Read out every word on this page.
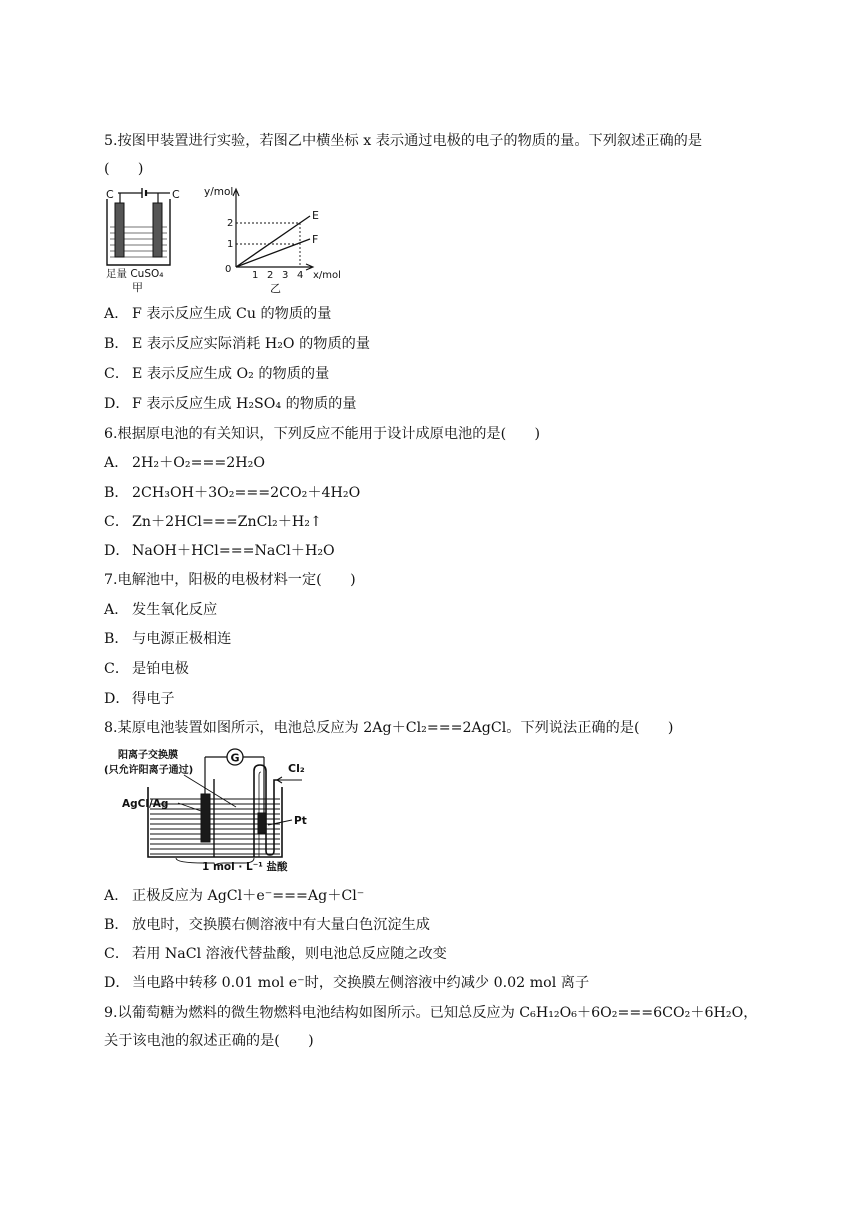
5.按图甲装置进行实验，若图乙中横坐标 x 表示通过电极的电子的物质的量。下列叙述正确的是
(　　)
C	C
足量 CuSO₄
甲
y/mol
0
1
2
1 2 3 4 x/mol
E
F
乙
A． F 表示反应生成 Cu 的物质的量
B． E 表示反应实际消耗 H₂O 的物质的量
C． E 表示反应生成 O₂ 的物质的量
D． F 表示反应生成 H₂SO₄ 的物质的量
6.根据原电池的有关知识，下列反应不能用于设计成原电池的是(　　)
A． 2H₂＋O₂===2H₂O
B． 2CH₃OH＋3O₂===2CO₂＋4H₂O
C． Zn＋2HCl===ZnCl₂＋H₂↑
D． NaOH＋HCl===NaCl＋H₂O
7.电解池中，阳极的电极材料一定(　　)
A． 发生氧化反应
B． 与电源正极相连
C． 是铂电极
D． 得电子
8.某原电池装置如图所示，电池总反应为 2Ag＋Cl₂===2AgCl。下列说法正确的是(　　)
阳离子交换膜
(只允许阳离子通过)
G
Cl₂
AgCl/Ag
Pt
1 mol · L⁻¹ 盐酸
A． 正极反应为 AgCl＋e⁻===Ag＋Cl⁻
B． 放电时，交换膜右侧溶液中有大量白色沉淀生成
C． 若用 NaCl 溶液代替盐酸，则电池总反应随之改变
D． 当电路中转移 0.01 mol e⁻时，交换膜左侧溶液中约减少 0.02 mol 离子
9.以葡萄糖为燃料的微生物燃料电池结构如图所示。已知总反应为 C₆H₁₂O₆＋6O₂===6CO₂＋6H₂O，
关于该电池的叙述正确的是(　　)
